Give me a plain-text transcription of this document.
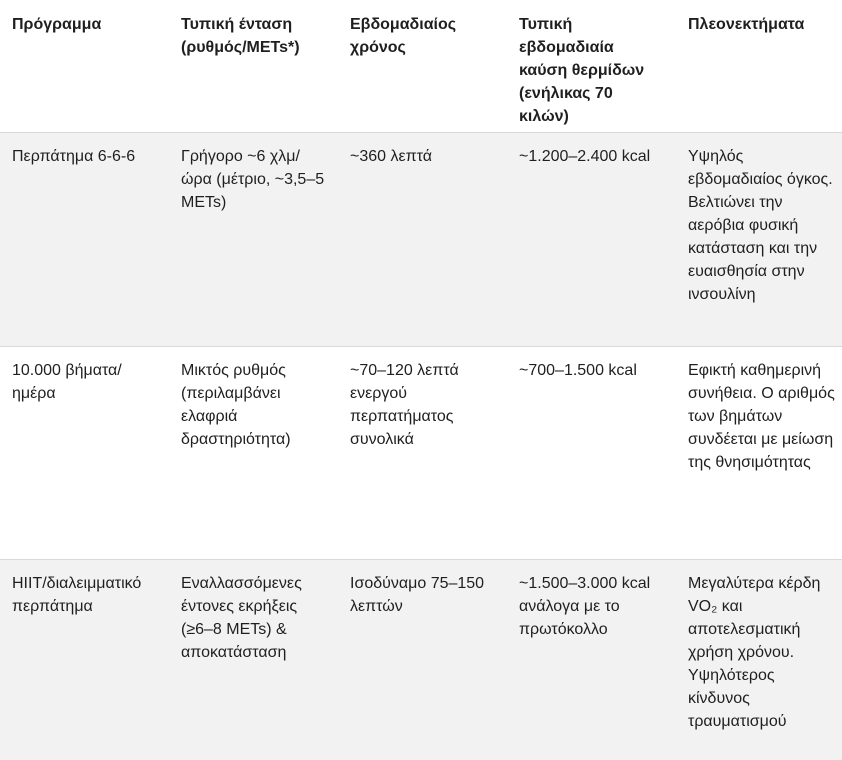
Πρόγραμμα	Τυπική ένταση (ρυθμός/METs*)	Εβδομαδιαίος χρόνος	Τυπική εβδομαδιαία καύση θερμίδων (ενήλικας 70 κιλών)	Πλεονεκτήματα
Περπάτημα 6-6-6	Γρήγορο ~6 χλμ/ώρα (μέτριο, ~3,5–5 METs)	~360 λεπτά	~1.200–2.400 kcal	Υψηλός εβδομαδιαίος όγκος. Βελτιώνει την αερόβια φυσική κατάσταση και την ευαισθησία στην ινσουλίνη
10.000 βήματα/ημέρα	Μικτός ρυθμός (περιλαμβάνει ελαφριά δραστηριότητα)	~70–120 λεπτά ενεργού περπατήματος συνολικά	~700–1.500 kcal	Εφικτή καθημερινή συνήθεια. Ο αριθμός των βημάτων συνδέεται με μείωση της θνησιμότητας
HIIT/διαλειμματικό περπάτημα	Εναλλασσόμενες έντονες εκρήξεις (≥6–8 METs) & αποκατάσταση	Ισοδύναμο 75–150 λεπτών	~1.500–3.000 kcal ανάλογα με το πρωτόκολλο	Μεγαλύτερα κέρδη VO₂ και αποτελεσματική χρήση χρόνου. Υψηλότερος κίνδυνος τραυματισμού
